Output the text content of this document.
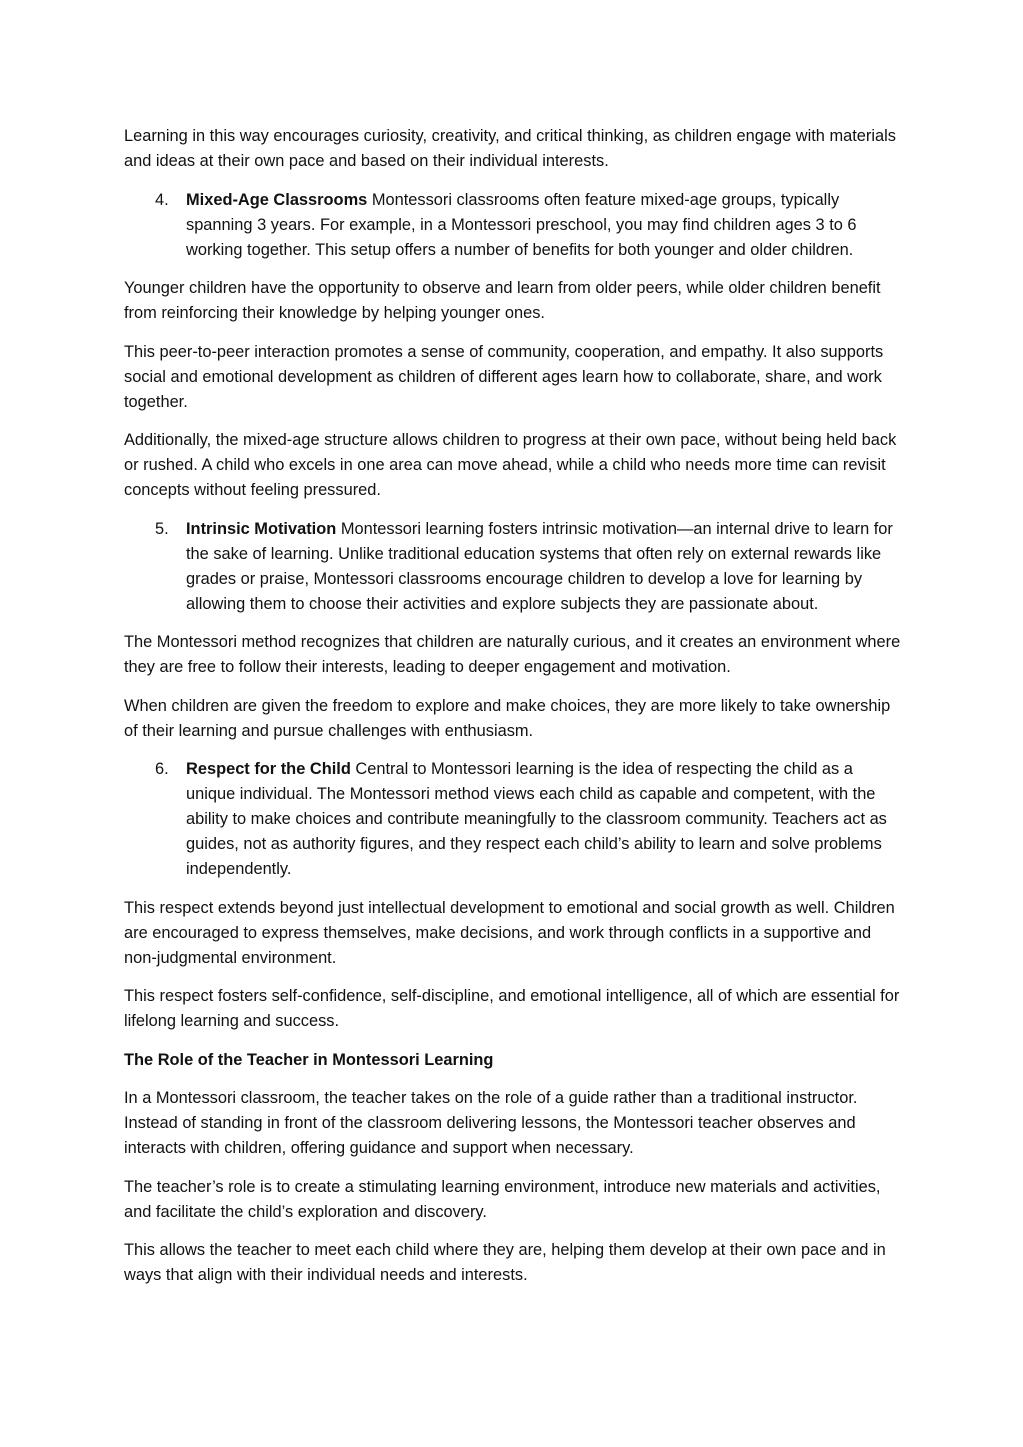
Learning in this way encourages curiosity, creativity, and critical thinking, as children engage with materials and ideas at their own pace and based on their individual interests.

4. Mixed-Age Classrooms Montessori classrooms often feature mixed-age groups, typically spanning 3 years. For example, in a Montessori preschool, you may find children ages 3 to 6 working together. This setup offers a number of benefits for both younger and older children.

Younger children have the opportunity to observe and learn from older peers, while older children benefit from reinforcing their knowledge by helping younger ones.

This peer-to-peer interaction promotes a sense of community, cooperation, and empathy. It also supports social and emotional development as children of different ages learn how to collaborate, share, and work together.

Additionally, the mixed-age structure allows children to progress at their own pace, without being held back or rushed. A child who excels in one area can move ahead, while a child who needs more time can revisit concepts without feeling pressured.

5. Intrinsic Motivation Montessori learning fosters intrinsic motivation—an internal drive to learn for the sake of learning. Unlike traditional education systems that often rely on external rewards like grades or praise, Montessori classrooms encourage children to develop a love for learning by allowing them to choose their activities and explore subjects they are passionate about.

The Montessori method recognizes that children are naturally curious, and it creates an environment where they are free to follow their interests, leading to deeper engagement and motivation.

When children are given the freedom to explore and make choices, they are more likely to take ownership of their learning and pursue challenges with enthusiasm.

6. Respect for the Child Central to Montessori learning is the idea of respecting the child as a unique individual. The Montessori method views each child as capable and competent, with the ability to make choices and contribute meaningfully to the classroom community. Teachers act as guides, not as authority figures, and they respect each child’s ability to learn and solve problems independently.

This respect extends beyond just intellectual development to emotional and social growth as well. Children are encouraged to express themselves, make decisions, and work through conflicts in a supportive and non-judgmental environment.

This respect fosters self-confidence, self-discipline, and emotional intelligence, all of which are essential for lifelong learning and success.

The Role of the Teacher in Montessori Learning

In a Montessori classroom, the teacher takes on the role of a guide rather than a traditional instructor. Instead of standing in front of the classroom delivering lessons, the Montessori teacher observes and interacts with children, offering guidance and support when necessary.

The teacher’s role is to create a stimulating learning environment, introduce new materials and activities, and facilitate the child’s exploration and discovery.

This allows the teacher to meet each child where they are, helping them develop at their own pace and in ways that align with their individual needs and interests.
